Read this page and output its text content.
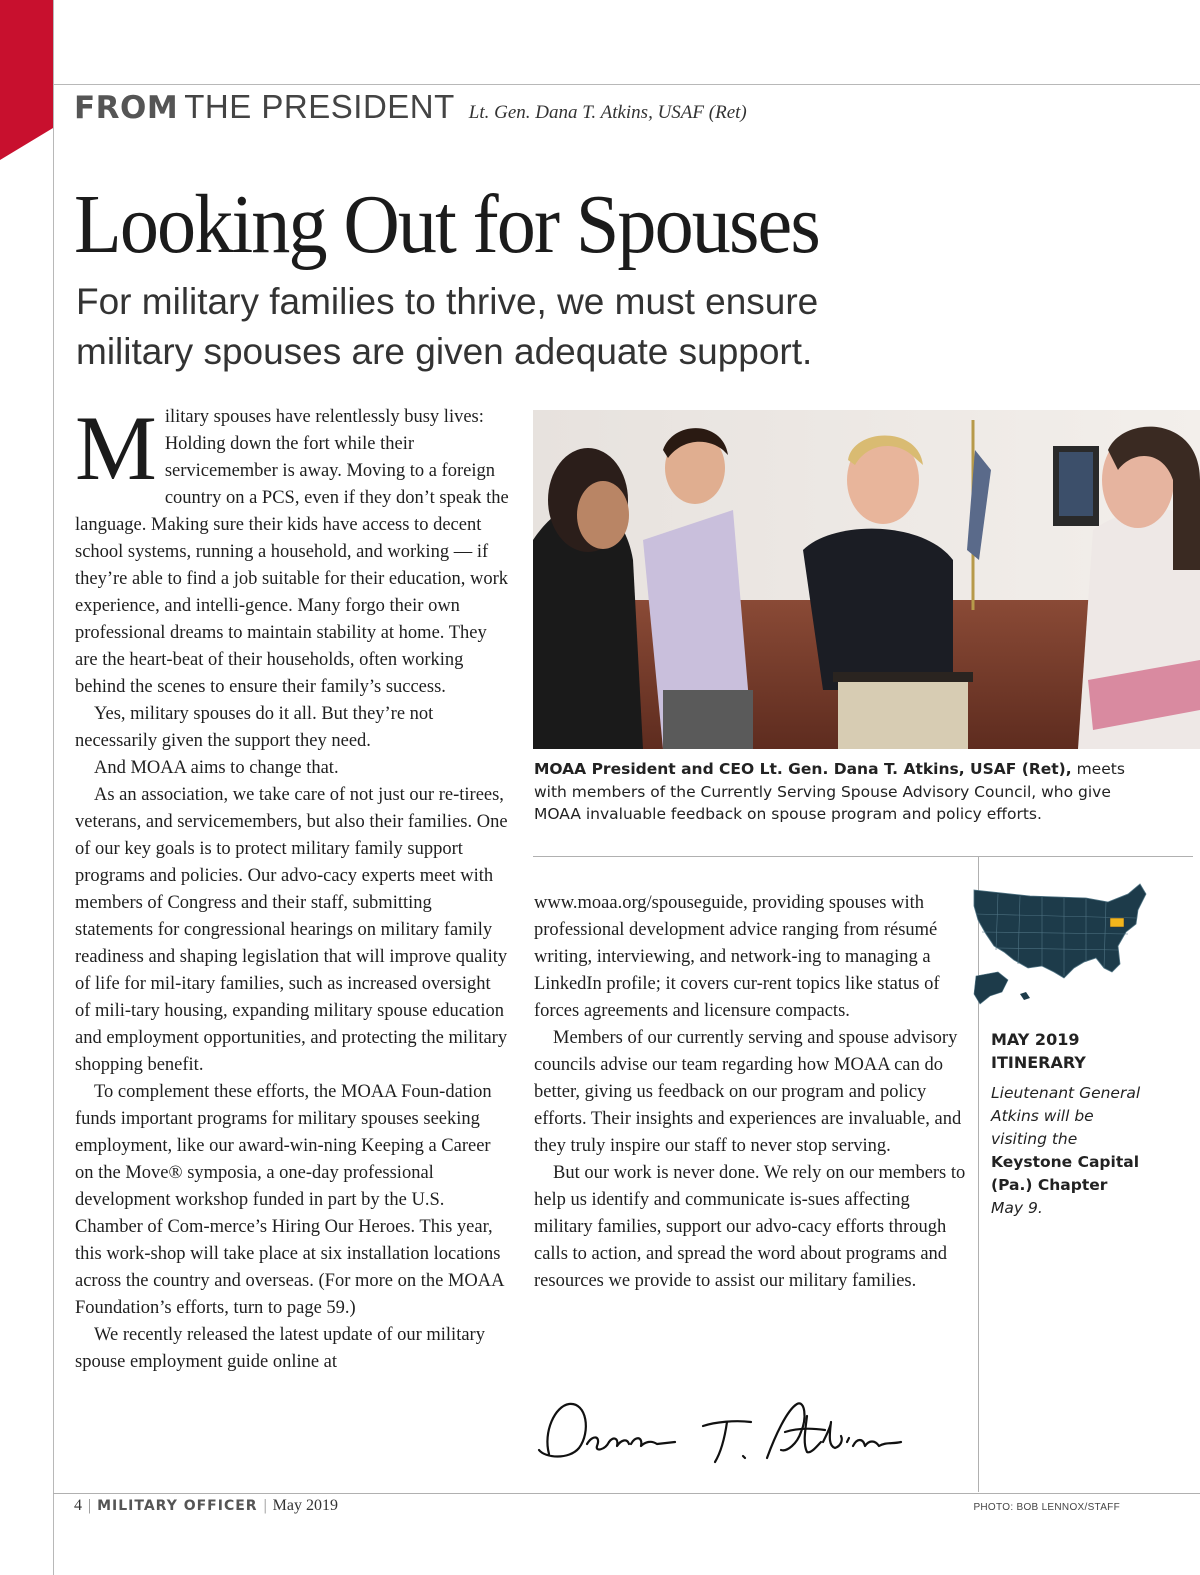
FROM THE PRESIDENT Lt. Gen. Dana T. Atkins, USAF (Ret)
Looking Out for Spouses
For military families to thrive, we must ensure military spouses are given adequate support.

Military spouses have relentlessly busy lives: Holding down the fort while their servicemember is away. Moving to a foreign country on a PCS, even if they don’t speak the language. Making sure their kids have access to decent school systems, running a household, and working — if they’re able to find a job suitable for their education, work experience, and intelli-gence. Many forgo their own professional dreams to maintain stability at home. They are the heart-beat of their households, often working behind the scenes to ensure their family’s success.

Yes, military spouses do it all. But they’re not necessarily given the support they need.

And MOAA aims to change that.

As an association, we take care of not just our re-tirees, veterans, and servicemembers, but also their families. One of our key goals is to protect military family support programs and policies. Our advo-cacy experts meet with members of Congress and their staff, submitting statements for congressional hearings on military family readiness and shaping legislation that will improve quality of life for mil-itary families, such as increased oversight of mili-tary housing, expanding military spouse education and employment opportunities, and protecting the military shopping benefit.

To complement these efforts, the MOAA Foun-dation funds important programs for military spouses seeking employment, like our award-win-ning Keeping a Career on the Move® symposia, a one-day professional development workshop funded in part by the U.S. Chamber of Com-merce’s Hiring Our Heroes. This year, this work-shop will take place at six installation locations across the country and overseas. (For more on the MOAA Foundation’s efforts, turn to page 59.)

We recently released the latest update of our military spouse employment guide online at

MOAA President and CEO Lt. Gen. Dana T. Atkins, USAF (Ret), meets with members of the Currently Serving Spouse Advisory Council, who give MOAA invaluable feedback on spouse program and policy efforts.

www.moaa.org/spouseguide, providing spouses with professional development advice ranging from résumé writing, interviewing, and network-ing to managing a LinkedIn profile; it covers cur-rent topics like status of forces agreements and licensure compacts.

Members of our currently serving and spouse advisory councils advise our team regarding how MOAA can do better, giving us feedback on our program and policy efforts. Their insights and experiences are invaluable, and they truly inspire our staff to never stop serving.

But our work is never done. We rely on our members to help us identify and communicate is-sues affecting military families, support our advo-cacy efforts through calls to action, and spread the word about programs and resources we provide to assist our military families.

MAY 2019
ITINERARY
Lieutenant General Atkins will be visiting the Keystone Capital (Pa.) Chapter May 9.
4 | MILITARY OFFICER | May 2019	PHOTO: BOB LENNOX/STAFF
